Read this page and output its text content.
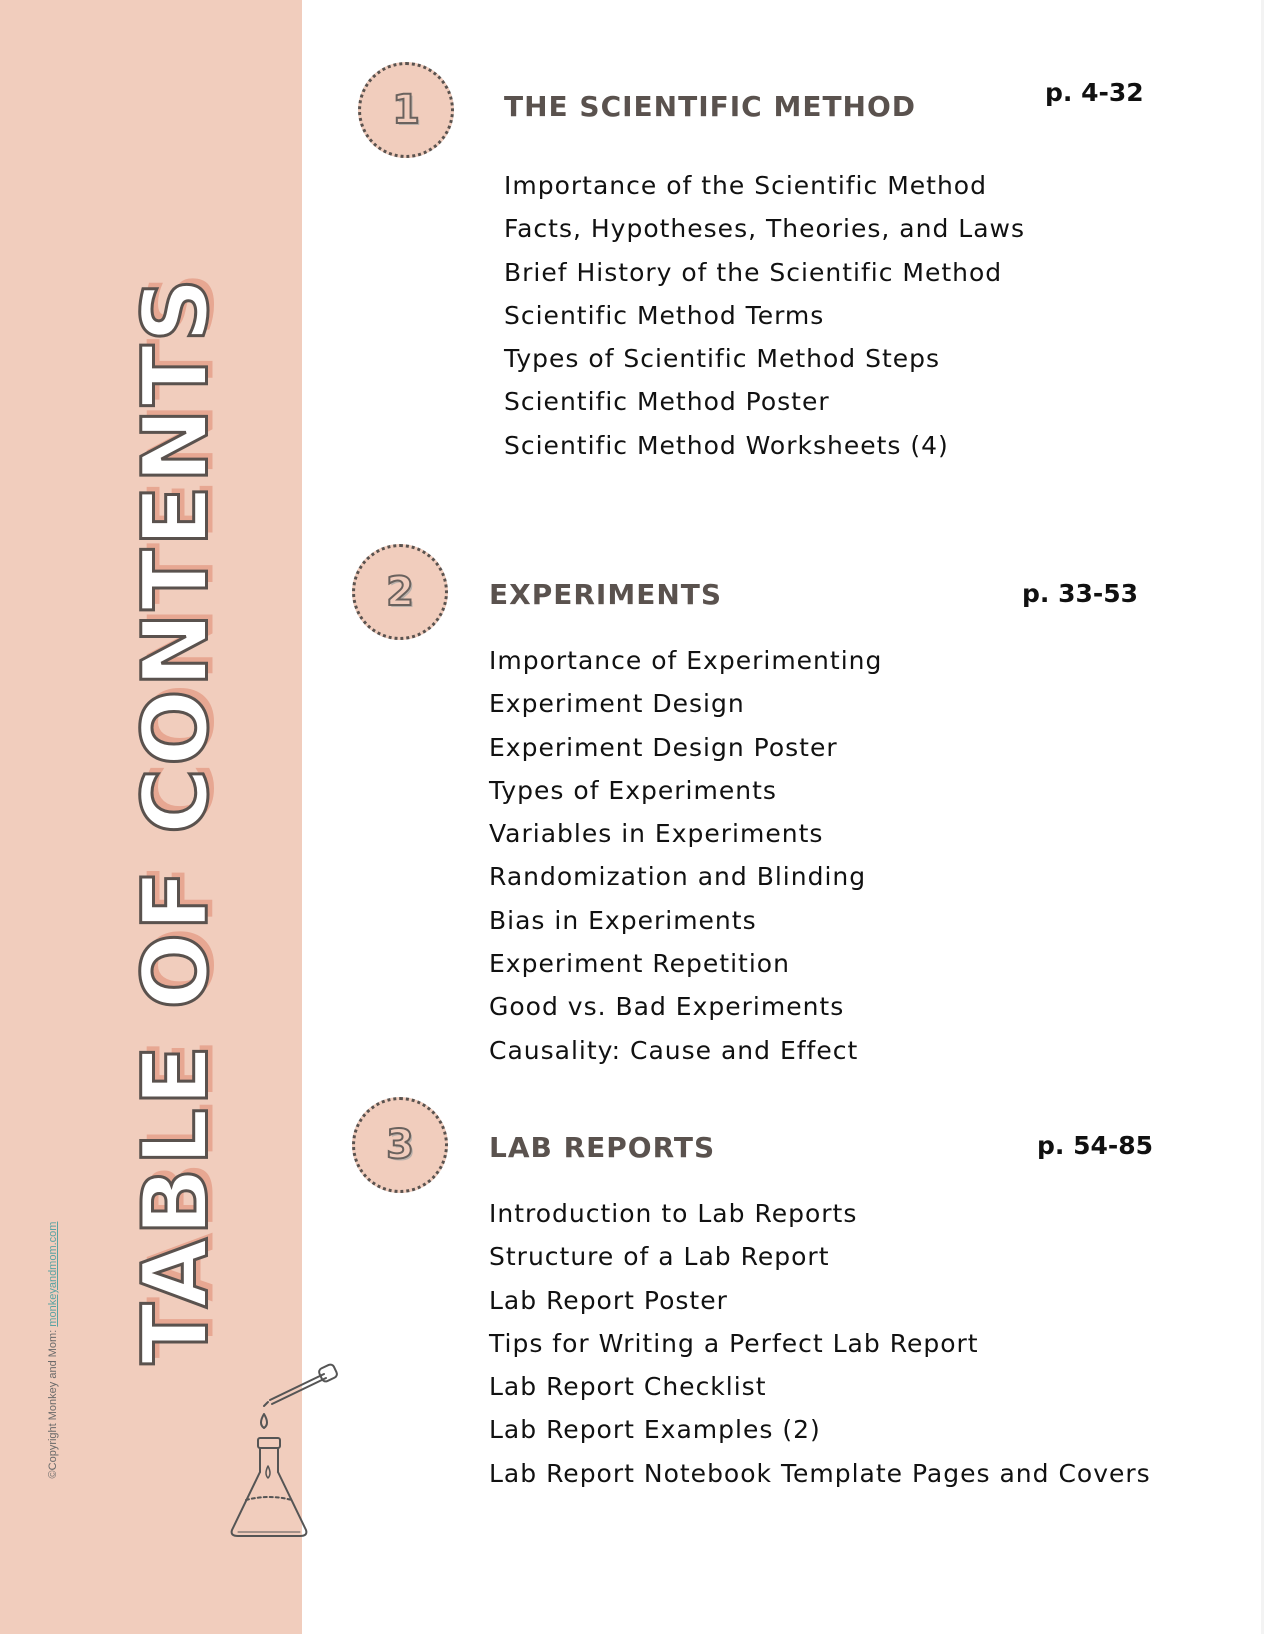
TABLE OF CONTENTS
©Copyright Monkey and Mom: monkeyandmom.com
1	THE SCIENTIFIC METHOD	p. 4-32
Importance of the Scientific Method
Facts, Hypotheses, Theories, and Laws
Brief History of the Scientific Method
Scientific Method Terms
Types of Scientific Method Steps
Scientific Method Poster
Scientific Method Worksheets (4)
2	EXPERIMENTS	p. 33-53
Importance of Experimenting
Experiment Design
Experiment Design Poster
Types of Experiments
Variables in Experiments
Randomization and Blinding
Bias in Experiments
Experiment Repetition
Good vs. Bad Experiments
Causality: Cause and Effect
3	LAB REPORTS	p. 54-85
Introduction to Lab Reports
Structure of a Lab Report
Lab Report Poster
Tips for Writing a Perfect Lab Report
Lab Report Checklist
Lab Report Examples (2)
Lab Report Notebook Template Pages and Covers
